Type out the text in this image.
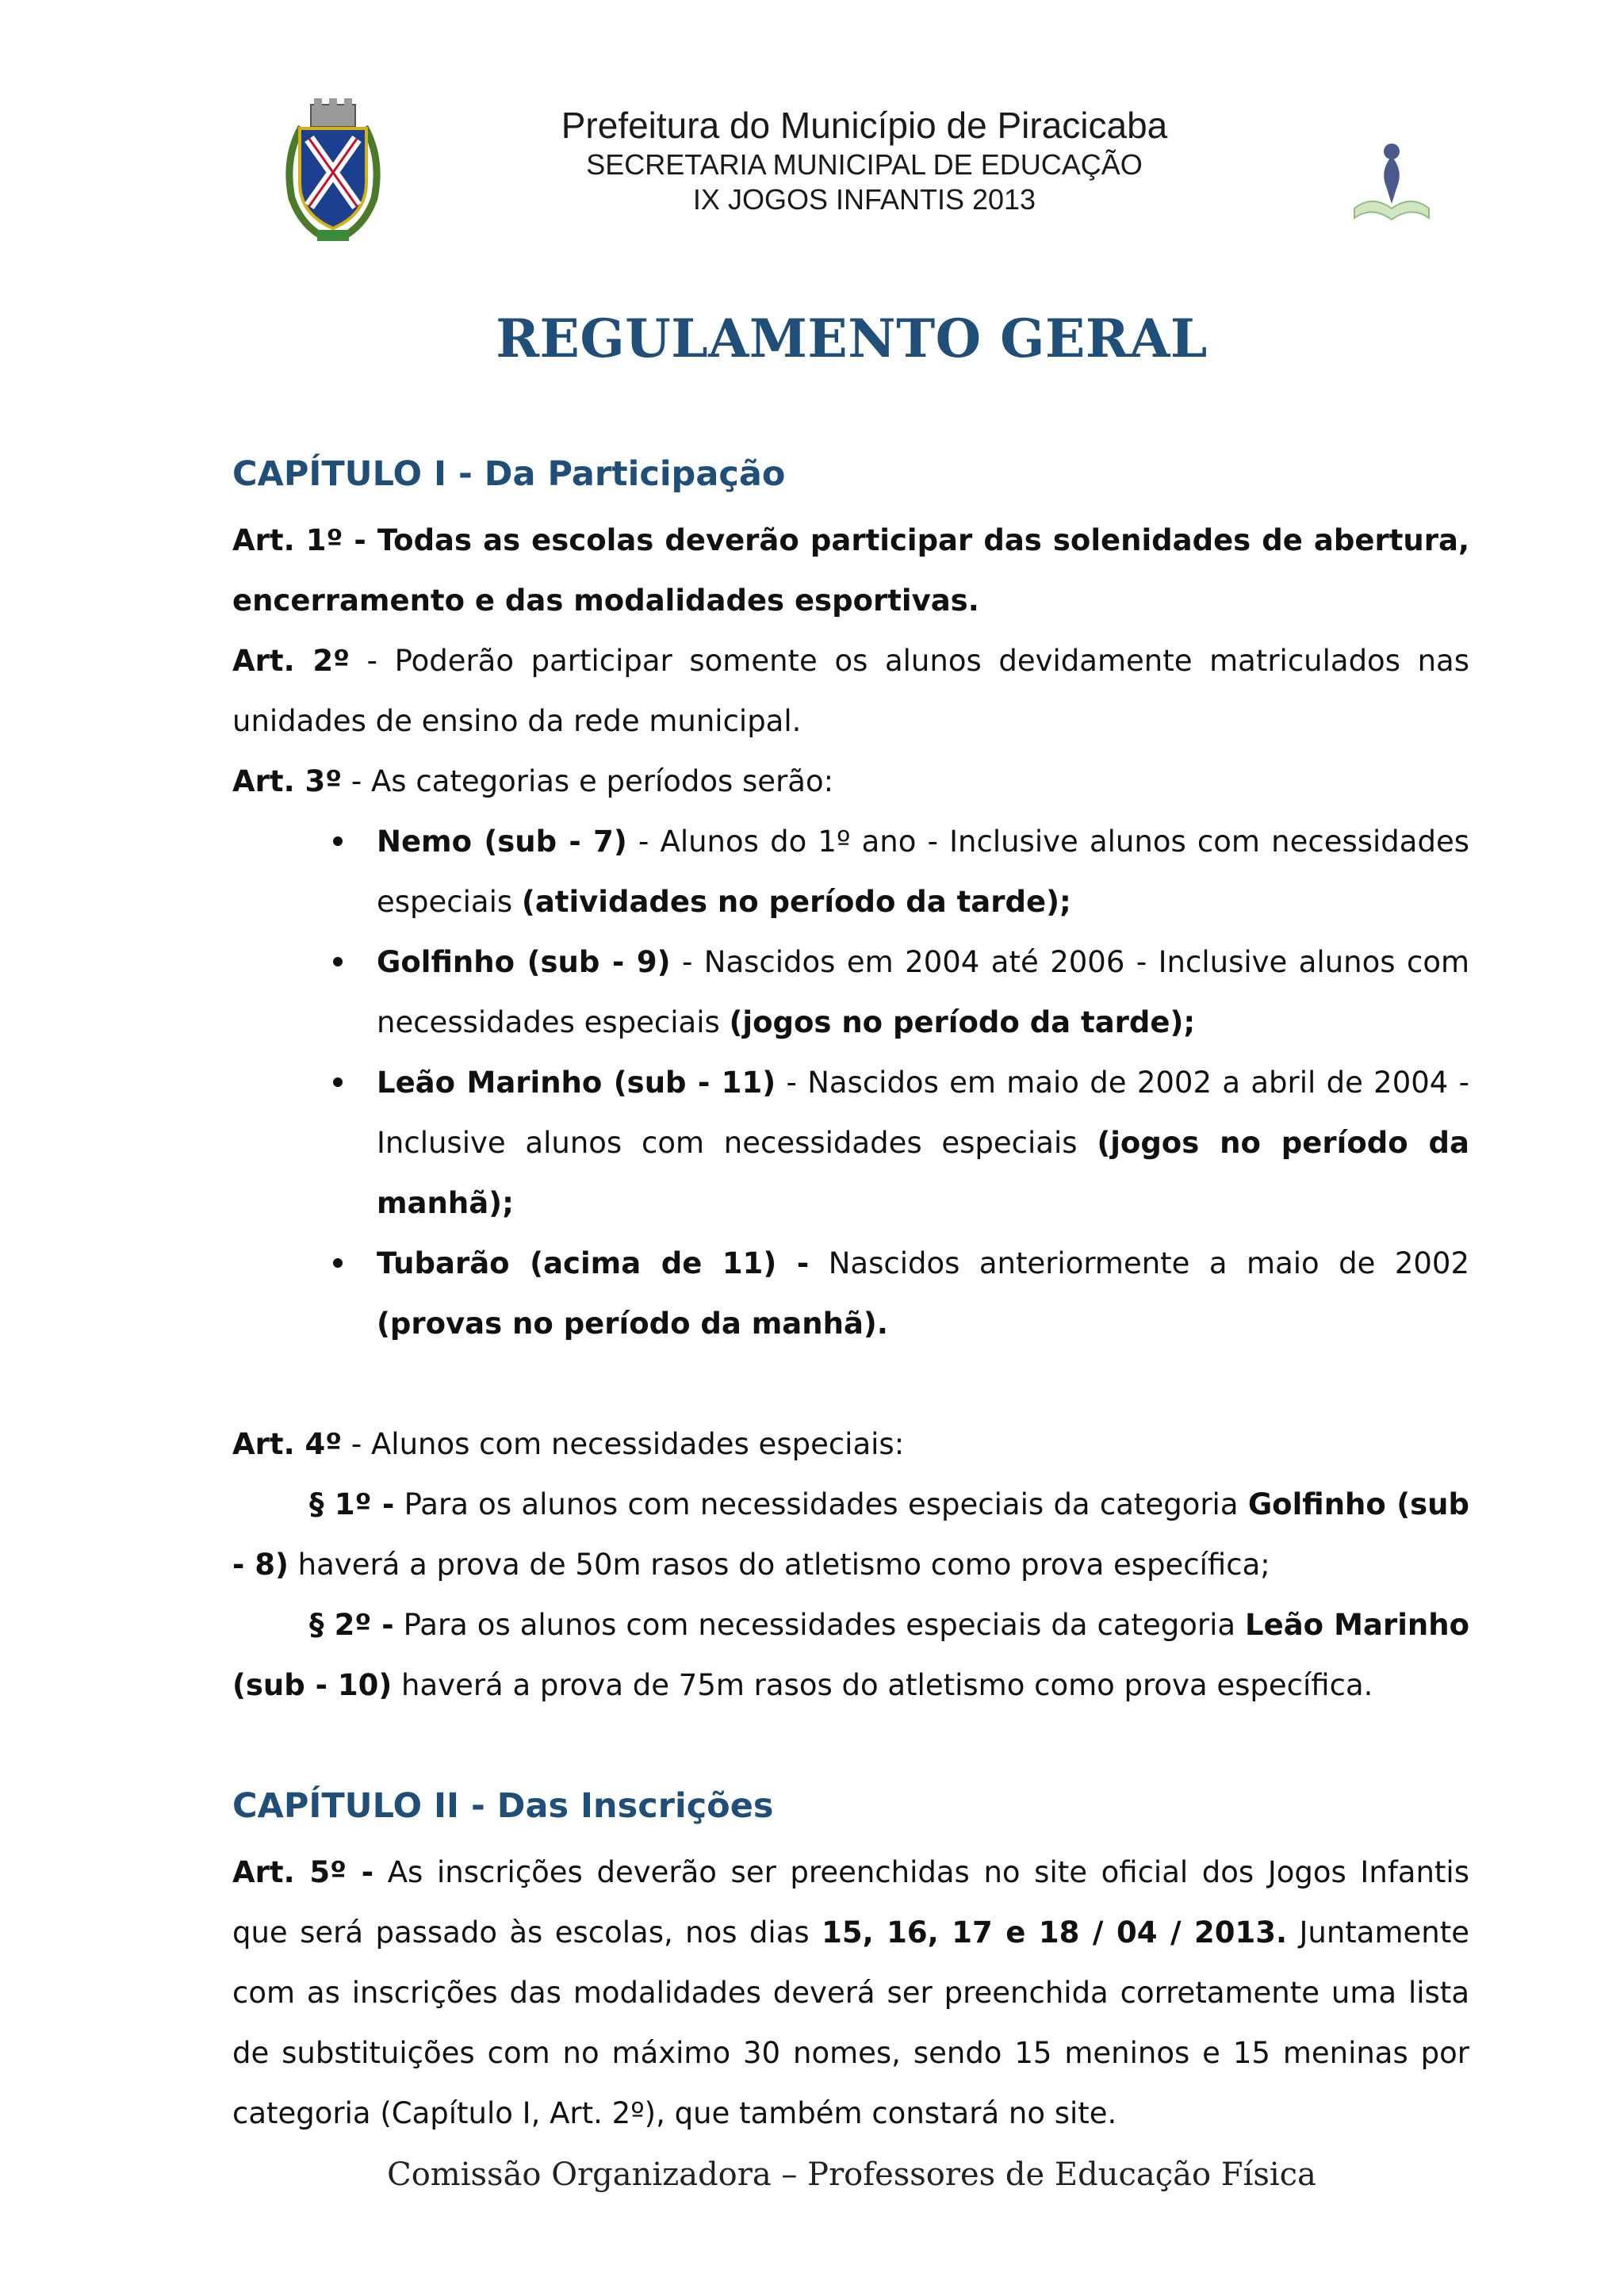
Prefeitura do Município de Piracicaba
SECRETARIA MUNICIPAL DE EDUCAÇÃO
IX JOGOS INFANTIS 2013
REGULAMENTO GERAL
CAPÍTULO I - Da Participação

Art. 1º - Todas as escolas deverão participar das solenidades de abertura, encerramento e das modalidades esportivas.

Art. 2º - Poderão participar somente os alunos devidamente matriculados nas unidades de ensino da rede municipal.

Art. 3º - As categorias e períodos serão:

Nemo (sub - 7) - Alunos do 1º ano - Inclusive alunos com necessidades especiais (atividades no período da tarde);
Golfinho (sub - 9) - Nascidos em 2004 até 2006 - Inclusive alunos com necessidades especiais (jogos no período da tarde);
Leão Marinho (sub - 11) - Nascidos em maio de 2002 a abril de 2004 - Inclusive alunos com necessidades especiais (jogos no período da manhã);
Tubarão (acima de 11) - Nascidos anteriormente a maio de 2002 (provas no período da manhã).

Art. 4º - Alunos com necessidades especiais:

§ 1º - Para os alunos com necessidades especiais da categoria Golfinho (sub - 8) haverá a prova de 50m rasos do atletismo como prova específica;

§ 2º - Para os alunos com necessidades especiais da categoria Leão Marinho (sub - 10) haverá a prova de 75m rasos do atletismo como prova específica.

CAPÍTULO II - Das Inscrições

Art. 5º - As inscrições deverão ser preenchidas no site oficial dos Jogos Infantis que será passado às escolas, nos dias 15, 16, 17 e 18 / 04 / 2013. Juntamente com as inscrições das modalidades deverá ser preenchida corretamente uma lista de substituições com no máximo 30 nomes, sendo 15 meninos e 15 meninas por categoria (Capítulo I, Art. 2º), que também constará no site.

Comissão Organizadora – Professores de Educação Física
